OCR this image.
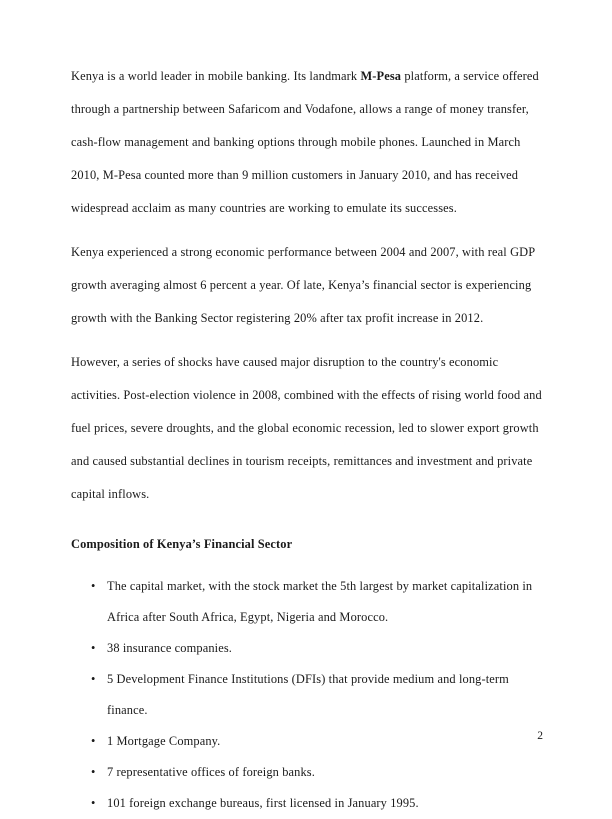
Kenya is a world leader in mobile banking. Its landmark M-Pesa platform, a service offered through a partnership between Safaricom and Vodafone, allows a range of money transfer, cash-flow management and banking options through mobile phones. Launched in March 2010, M-Pesa counted more than 9 million customers in January 2010, and has received widespread acclaim as many countries are working to emulate its successes.

Kenya experienced a strong economic performance between 2004 and 2007, with real GDP growth averaging almost 6 percent a year. Of late, Kenya’s financial sector is experiencing growth with the Banking Sector registering 20% after tax profit increase in 2012.

However, a series of shocks have caused major disruption to the country's economic activities. Post-election violence in 2008, combined with the effects of rising world food and fuel prices, severe droughts, and the global economic recession, led to slower export growth and caused substantial declines in tourism receipts, remittances and investment and private capital inflows.

Composition of Kenya’s Financial Sector
• The capital market, with the stock market the 5th largest by market capitalization in Africa after South Africa, Egypt, Nigeria and Morocco.
• 38 insurance companies.
• 5 Development Finance Institutions (DFIs) that provide medium and long-term finance.
• 1 Mortgage Company.
• 7 representative offices of foreign banks.
• 101 foreign exchange bureaus, first licensed in January 1995.
2
